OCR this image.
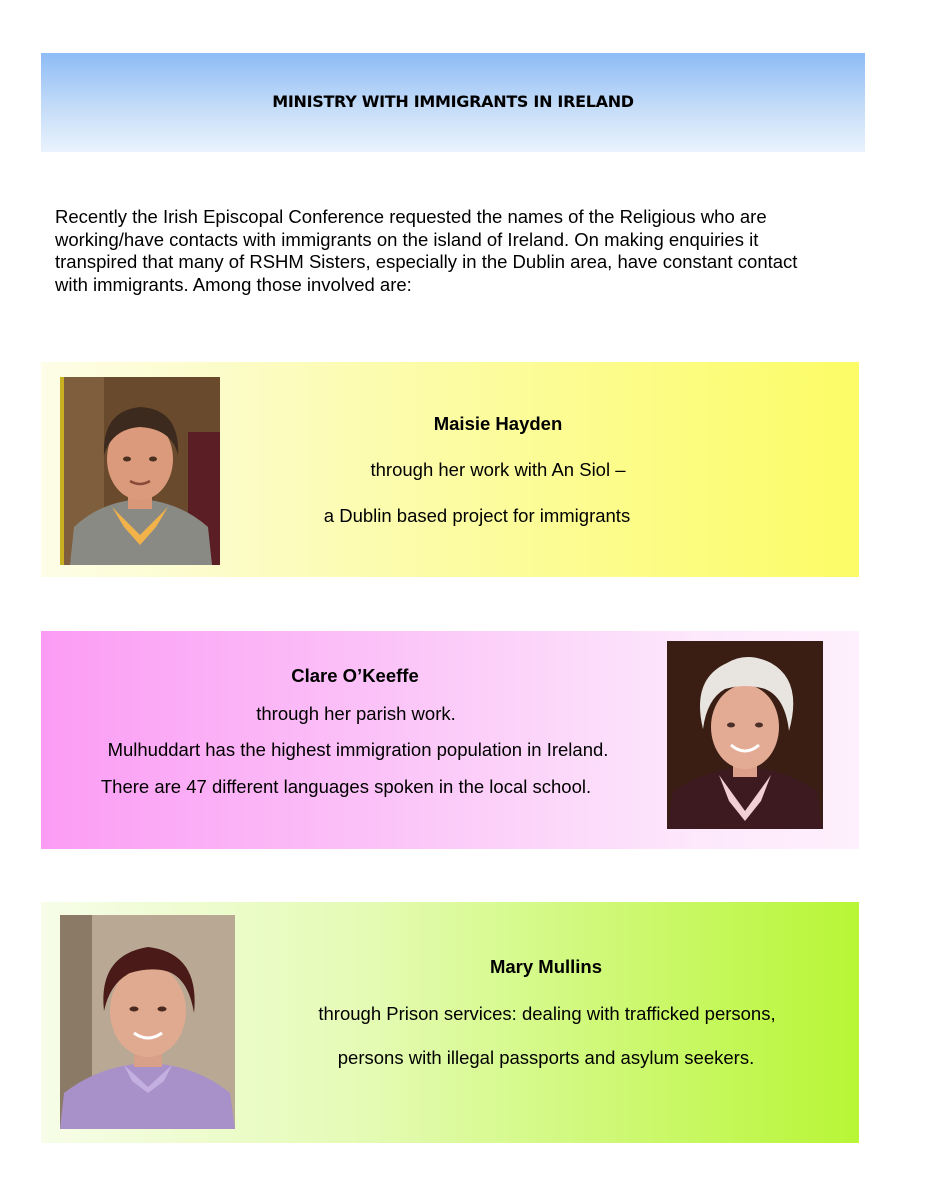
MINISTRY WITH IMMIGRANTS IN IRELAND

Recently the Irish Episcopal Conference requested the names of the Religious who are
working/have contacts with immigrants on the island of Ireland. On making enquiries it
transpired that many of RSHM Sisters, especially in the Dublin area, have constant contact
with immigrants. Among those involved are:

Maisie Hayden
through her work with An Siol –
a Dublin based project for immigrants
Clare O’Keeffe
through her parish work.
Mulhuddart has the highest immigration population in Ireland.
There are 47 different languages spoken in the local school.
Mary Mullins
through Prison services: dealing with trafficked persons,
persons with illegal passports and asylum seekers.
